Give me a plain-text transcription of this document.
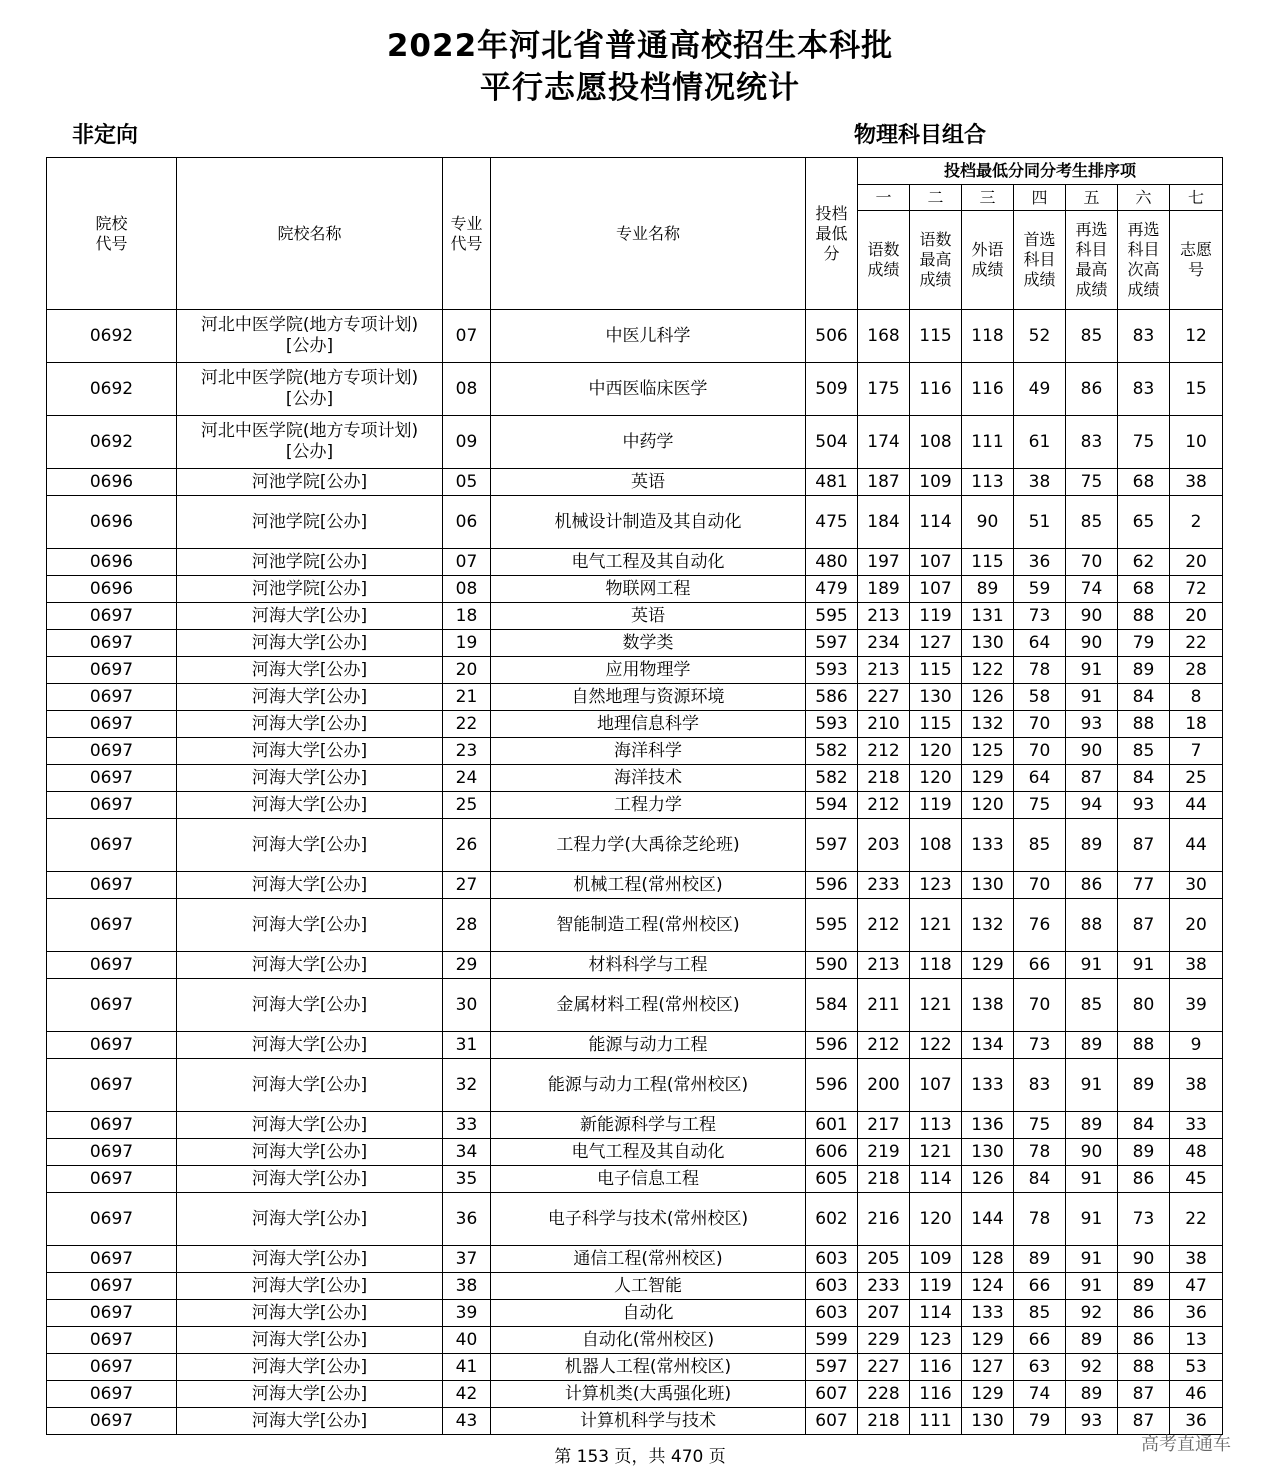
2022年河北省普通高校招生本科批
平行志愿投档情况统计
非定向	物理科目组合
院校代号	院校名称	专业代号	专业名称	投档最低分	投档最低分同分考生排序项						
					一	二	三	四	五	六	七

					语数成绩	语数最高成绩	外语成绩	首选科目成绩	再选科目最高成绩	再选科目次高成绩	志愿号

0692	河北中医学院(地方专项计划)[公办]	07	中医儿科学	506	168	115	118	52	85	83	12
0692	河北中医学院(地方专项计划)[公办]	08	中西医临床医学	509	175	116	116	49	86	83	15
0692	河北中医学院(地方专项计划)[公办]	09	中药学	504	174	108	111	61	83	75	10
0696	河池学院[公办]	05	英语	481	187	109	113	38	75	68	38
0696	河池学院[公办]	06	机械设计制造及其自动化	475	184	114	90	51	85	65	2
0696	河池学院[公办]	07	电气工程及其自动化	480	197	107	115	36	70	62	20
0696	河池学院[公办]	08	物联网工程	479	189	107	89	59	74	68	72
0697	河海大学[公办]	18	英语	595	213	119	131	73	90	88	20
0697	河海大学[公办]	19	数学类	597	234	127	130	64	90	79	22
0697	河海大学[公办]	20	应用物理学	593	213	115	122	78	91	89	28
0697	河海大学[公办]	21	自然地理与资源环境	586	227	130	126	58	91	84	8
0697	河海大学[公办]	22	地理信息科学	593	210	115	132	70	93	88	18
0697	河海大学[公办]	23	海洋科学	582	212	120	125	70	90	85	7
0697	河海大学[公办]	24	海洋技术	582	218	120	129	64	87	84	25
0697	河海大学[公办]	25	工程力学	594	212	119	120	75	94	93	44
0697	河海大学[公办]	26	工程力学(大禹徐芝纶班)	597	203	108	133	85	89	87	44
0697	河海大学[公办]	27	机械工程(常州校区)	596	233	123	130	70	86	77	30
0697	河海大学[公办]	28	智能制造工程(常州校区)	595	212	121	132	76	88	87	20
0697	河海大学[公办]	29	材料科学与工程	590	213	118	129	66	91	91	38
0697	河海大学[公办]	30	金属材料工程(常州校区)	584	211	121	138	70	85	80	39
0697	河海大学[公办]	31	能源与动力工程	596	212	122	134	73	89	88	9
0697	河海大学[公办]	32	能源与动力工程(常州校区)	596	200	107	133	83	91	89	38
0697	河海大学[公办]	33	新能源科学与工程	601	217	113	136	75	89	84	33
0697	河海大学[公办]	34	电气工程及其自动化	606	219	121	130	78	90	89	48
0697	河海大学[公办]	35	电子信息工程	605	218	114	126	84	91	86	45
0697	河海大学[公办]	36	电子科学与技术(常州校区)	602	216	120	144	78	91	73	22
0697	河海大学[公办]	37	通信工程(常州校区)	603	205	109	128	89	91	90	38
0697	河海大学[公办]	38	人工智能	603	233	119	124	66	91	89	47
0697	河海大学[公办]	39	自动化	603	207	114	133	85	92	86	36
0697	河海大学[公办]	40	自动化(常州校区)	599	229	123	129	66	89	86	13
0697	河海大学[公办]	41	机器人工程(常州校区)	597	227	116	127	63	92	88	53
0697	河海大学[公办]	42	计算机类(大禹强化班)	607	228	116	129	74	89	87	46
0697	河海大学[公办]	43	计算机科学与技术	607	218	111	130	79	93	87	36
第 153 页，共 470 页
高考直通车
